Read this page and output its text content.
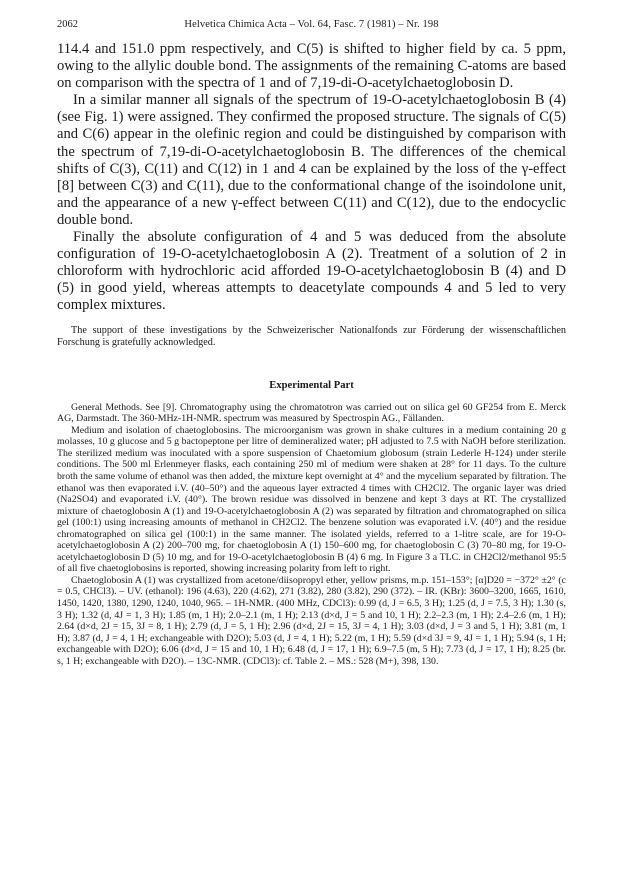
2062	Helvetica Chimica Acta – Vol. 64, Fasc. 7 (1981) – Nr. 198

114.4 and 151.0 ppm respectively, and C(5) is shifted to higher field by ca. 5 ppm, owing to the allylic double bond. The assignments of the remaining C-atoms are based on comparison with the spectra of 1 and of 7,19-di-O-acetylchaetoglobosin D.

In a similar manner all signals of the spectrum of 19-O-acetylchaetoglobosin B (4) (see Fig. 1) were assigned. They confirmed the proposed structure. The signals of C(5) and C(6) appear in the olefinic region and could be distinguished by comparison with the spectrum of 7,19-di-O-acetylchaetoglobosin B. The differences of the chemical shifts of C(3), C(11) and C(12) in 1 and 4 can be explained by the loss of the γ-effect [8] between C(3) and C(11), due to the conformational change of the isoindolone unit, and the appearance of a new γ-effect between C(11) and C(12), due to the endocyclic double bond.

Finally the absolute configuration of 4 and 5 was deduced from the absolute configuration of 19-O-acetylchaetoglobosin A (2). Treatment of a solution of 2 in chloroform with hydrochloric acid afforded 19-O-acetylchaetoglobosin B (4) and D (5) in good yield, whereas attempts to deacetylate compounds 4 and 5 led to very complex mixtures.

The support of these investigations by the Schweizerischer Nationalfonds zur Förderung der wissenschaftlichen Forschung is gratefully acknowledged.

Experimental Part

General Methods. See [9]. Chromatography using the chromatotron was carried out on silica gel 60 GF254 from E. Merck AG, Darmstadt. The 360-MHz-1H-NMR. spectrum was measured by Spectrospin AG., Fällanden.

Medium and isolation of chaetoglobosins. The microorganism was grown in shake cultures in a medium containing 20 g molasses, 10 g glucose and 5 g bactopeptone per litre of demineralized water; pH adjusted to 7.5 with NaOH before sterilization. The sterilized medium was inoculated with a spore suspension of Chaetomium globosum (strain Lederle H-124) under sterile conditions. The 500 ml Erlenmeyer flasks, each containing 250 ml of medium were shaken at 28° for 11 days. To the culture broth the same volume of ethanol was then added, the mixture kept overnight at 4° and the mycelium separated by filtration. The ethanol was then evaporated i.V. (40–50°) and the aqueous layer extracted 4 times with CH2Cl2. The organic layer was dried (Na2SO4) and evaporated i.V. (40°). The brown residue was dissolved in benzene and kept 3 days at RT. The crystallized mixture of chaetoglobosin A (1) and 19-O-acetylchaetoglobosin A (2) was separated by filtration and chromatographed on silica gel (100:1) using increasing amounts of methanol in CH2Cl2. The benzene solution was evaporated i.V. (40°) and the residue chromatographed on silica gel (100:1) in the same manner. The isolated yields, referred to a 1-litre scale, are for 19-O-acetylchaetoglobosin A (2) 200–700 mg, for chaetoglobosin A (1) 150–600 mg, for chaetoglobosin C (3) 70–80 mg, for 19-O-acetylchaetoglobosin D (5) 10 mg, and for 19-O-acetylchaetoglobosin B (4) 6 mg. In Figure 3 a TLC. in CH2Cl2/methanol 95:5 of all five chaetoglobosins is reported, showing increasing polarity from left to right.

Chaetoglobosin A (1) was crystallized from acetone/diisopropyl ether, yellow prisms, m.p. 151–153°; [α]D20 = −372° ±2° (c = 0.5, CHCl3). – UV. (ethanol): 196 (4.63), 220 (4.62), 271 (3.82), 280 (3.82), 290 (372). – IR. (KBr): 3600–3200, 1665, 1610, 1450, 1420, 1380, 1290, 1240, 1040, 965. – 1H-NMR. (400 MHz, CDCl3): 0.99 (d, J = 6.5, 3 H); 1.25 (d, J = 7.5, 3 H); 1.30 (s, 3 H); 1.32 (d, 4J = 1, 3 H); 1.85 (m, 1 H); 2.0–2.1 (m, 1 H); 2.13 (d×d, J = 5 and 10, 1 H); 2.2–2.3 (m, 1 H); 2.4–2.6 (m, 1 H); 2.64 (d×d, 2J = 15, 3J = 8, 1 H); 2.79 (d, J = 5, 1 H); 2.96 (d×d, 2J = 15, 3J = 4, 1 H); 3.03 (d×d, J = 3 and 5, 1 H); 3.81 (m, 1 H); 3.87 (d, J = 4, 1 H; exchangeable with D2O); 5.03 (d, J = 4, 1 H); 5.22 (m, 1 H); 5.59 (d×d 3J = 9, 4J = 1, 1 H); 5.94 (s, 1 H; exchangeable with D2O); 6.06 (d×d, J = 15 and 10, 1 H); 6.48 (d, J = 17, 1 H); 6.9–7.5 (m, 5 H); 7.73 (d, J = 17, 1 H); 8.25 (br. s, 1 H; exchangeable with D2O). – 13C-NMR. (CDCl3): cf. Table 2. – MS.: 528 (M+), 398, 130.
